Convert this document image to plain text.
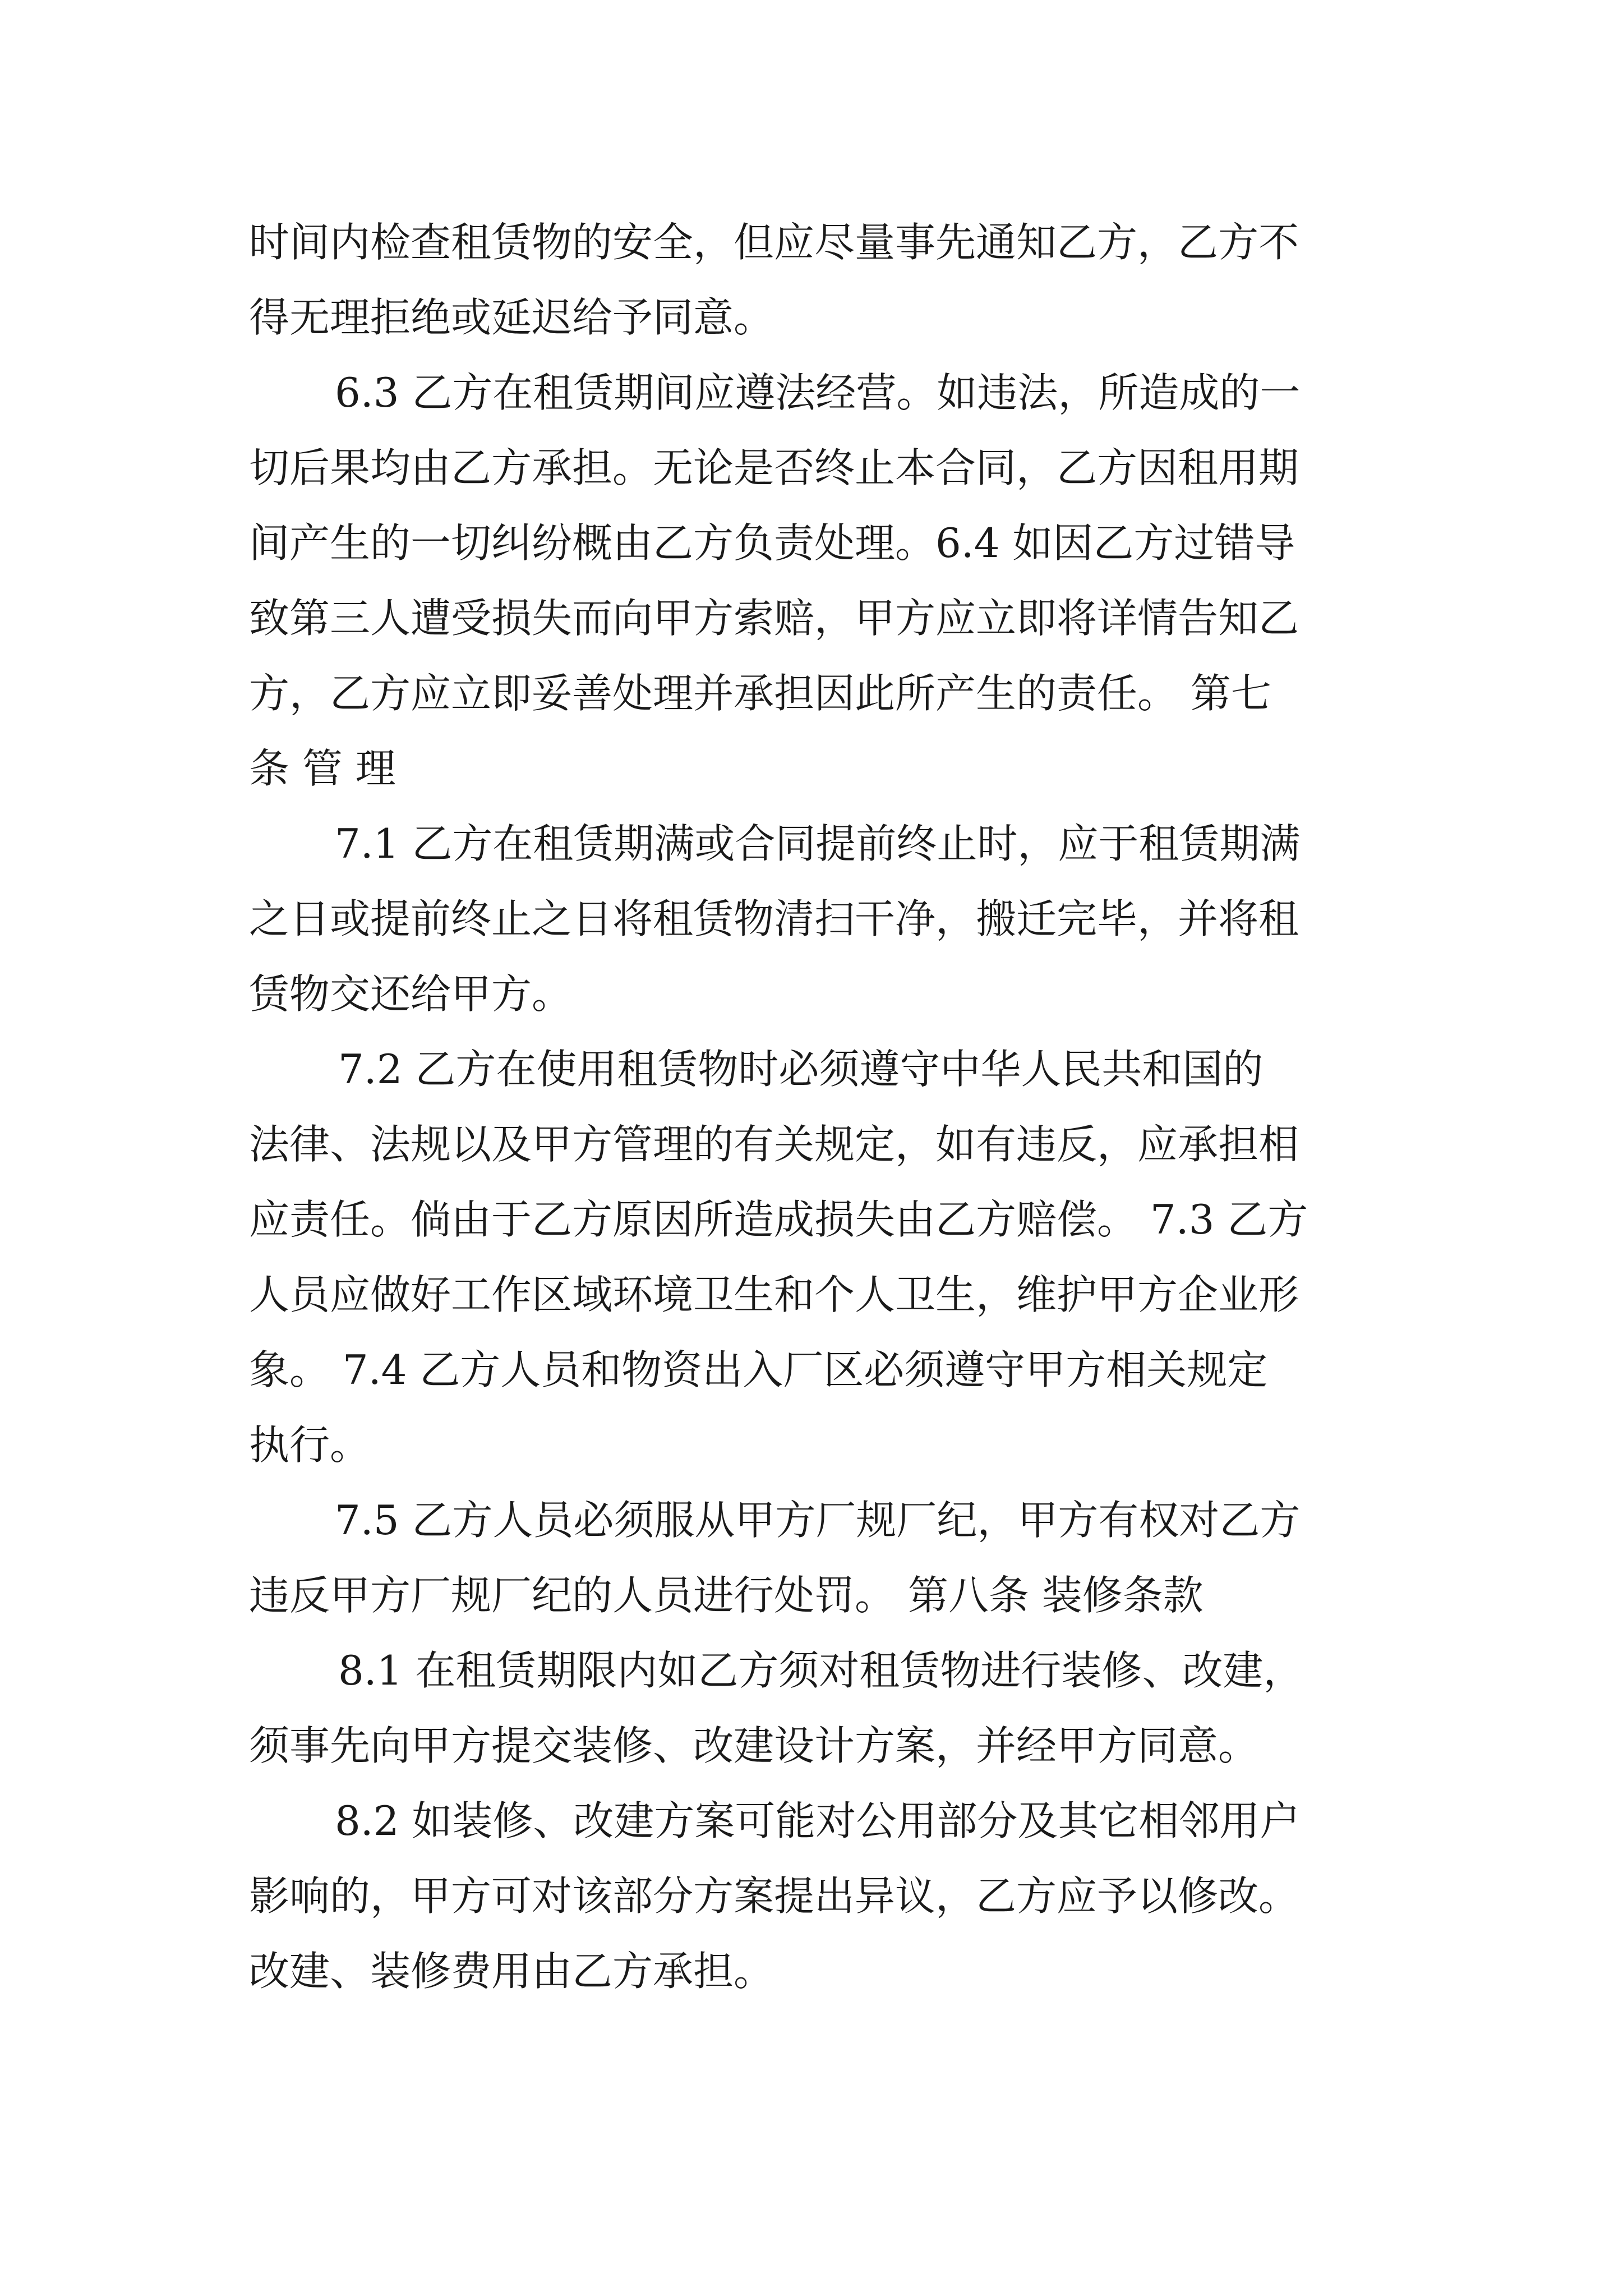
时间内检查租赁物的安全，但应尽量事先通知乙方，乙方不
得无理拒绝或延迟给予同意。
6.3 乙方在租赁期间应遵法经营。如违法，所造成的一
切后果均由乙方承担。无论是否终止本合同，乙方因租用期
间产生的一切纠纷概由乙方负责处理。6.4 如因乙方过错导
致第三人遭受损失而向甲方索赔，甲方应立即将详情告知乙
方，乙方应立即妥善处理并承担因此所产生的责任。 第七
条 管 理
7.1 乙方在租赁期满或合同提前终止时，应于租赁期满
之日或提前终止之日将租赁物清扫干净，搬迁完毕，并将租
赁物交还给甲方。
7.2 乙方在使用租赁物时必须遵守中华人民共和国的
法律、法规以及甲方管理的有关规定，如有违反，应承担相
应责任。倘由于乙方原因所造成损失由乙方赔偿。 7.3 乙方
人员应做好工作区域环境卫生和个人卫生，维护甲方企业形
象。 7.4 乙方人员和物资出入厂区必须遵守甲方相关规定
执行。
7.5 乙方人员必须服从甲方厂规厂纪，甲方有权对乙方
违反甲方厂规厂纪的人员进行处罚。 第八条 装修条款
8.1 在租赁期限内如乙方须对租赁物进行装修、改建，
须事先向甲方提交装修、改建设计方案，并经甲方同意。
8.2 如装修、改建方案可能对公用部分及其它相邻用户
影响的，甲方可对该部分方案提出异议，乙方应予以修改。
改建、装修费用由乙方承担。
